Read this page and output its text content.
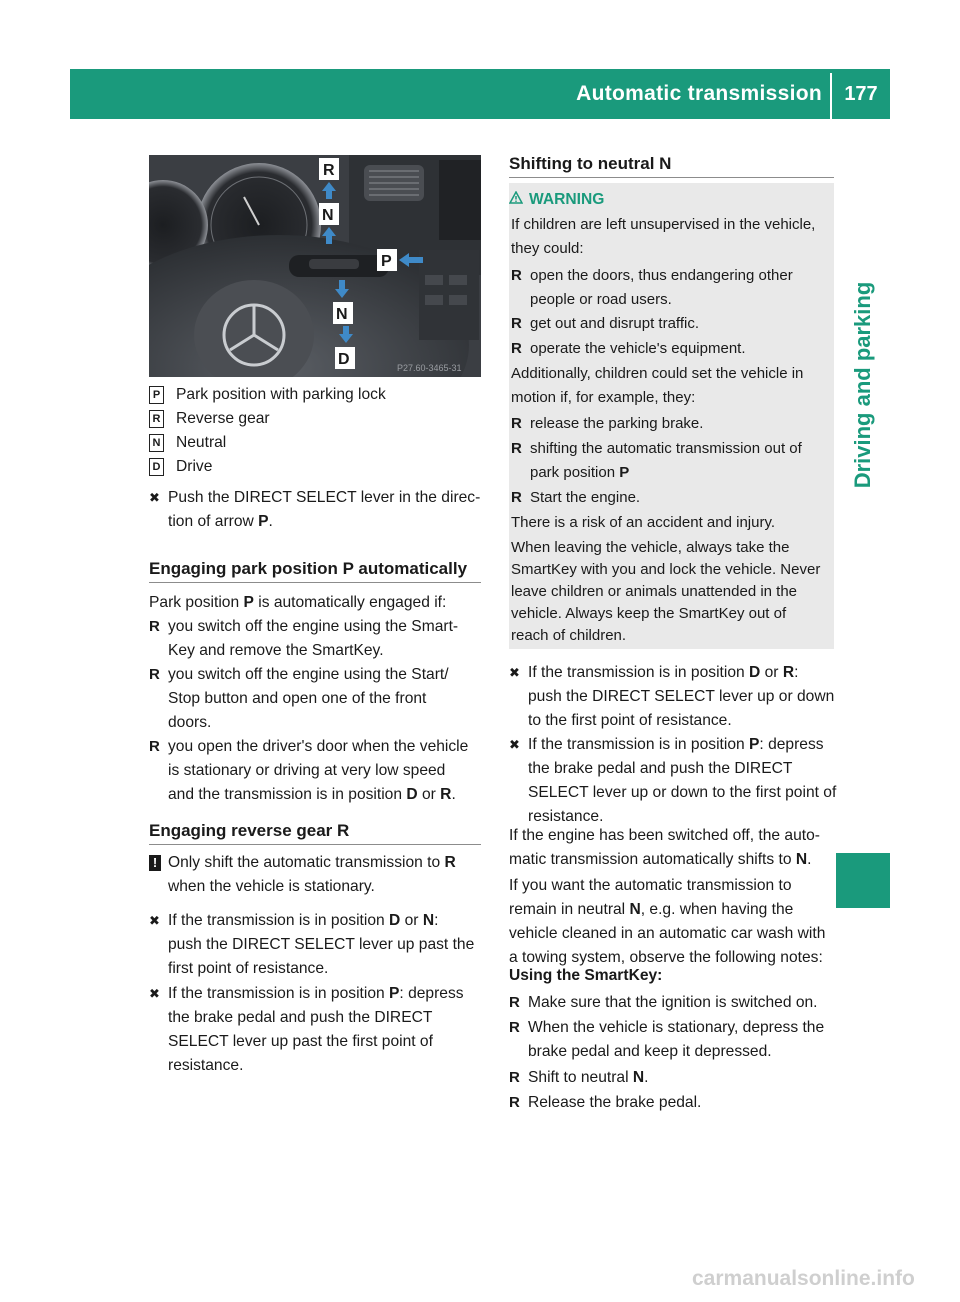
Automatic transmission	177
Driving and parking
R
N
P
N
D	P27.60-3465-31
P Park position with parking lock
R Reverse gear
N Neutral
D Drive
✖ Push the DIRECT SELECT lever in the direc-
tion of arrow P.
Engaging park position P automatically
Park position P is automatically engaged if:
R you switch off the engine using the Smart-
Key and remove the SmartKey.
R you switch off the engine using the Start/
Stop button and open one of the front
doors.
R you open the driver's door when the vehicle
is stationary or driving at very low speed
and the transmission is in position D or R.
Engaging reverse gear R
! Only shift the automatic transmission to R
when the vehicle is stationary.
✖ If the transmission is in position D or N:
push the DIRECT SELECT lever up past the
first point of resistance.
✖ If the transmission is in position P: depress
the brake pedal and push the DIRECT
SELECT lever up past the first point of
resistance.
Shifting to neutral N
WARNING
If children are left unsupervised in the vehicle,
they could:
R open the doors, thus endangering other
people or road users.
R get out and disrupt traffic.
R operate the vehicle's equipment.
Additionally, children could set the vehicle in
motion if, for example, they:
R release the parking brake.
R shifting the automatic transmission out of
park position P
R Start the engine.
There is a risk of an accident and injury.
When leaving the vehicle, always take the
SmartKey with you and lock the vehicle. Never
leave children or animals unattended in the
vehicle. Always keep the SmartKey out of
reach of children.
✖ If the transmission is in position D or R:
push the DIRECT SELECT lever up or down
to the first point of resistance.
✖ If the transmission is in position P: depress
the brake pedal and push the DIRECT
SELECT lever up or down to the first point of
resistance.
If the engine has been switched off, the auto-
matic transmission automatically shifts to N.
If you want the automatic transmission to
remain in neutral N, e.g. when having the
vehicle cleaned in an automatic car wash with
a towing system, observe the following notes:
Using the SmartKey:
R Make sure that the ignition is switched on.
R When the vehicle is stationary, depress the
brake pedal and keep it depressed.
R Shift to neutral N.
R Release the brake pedal.
carmanualsonline.info
